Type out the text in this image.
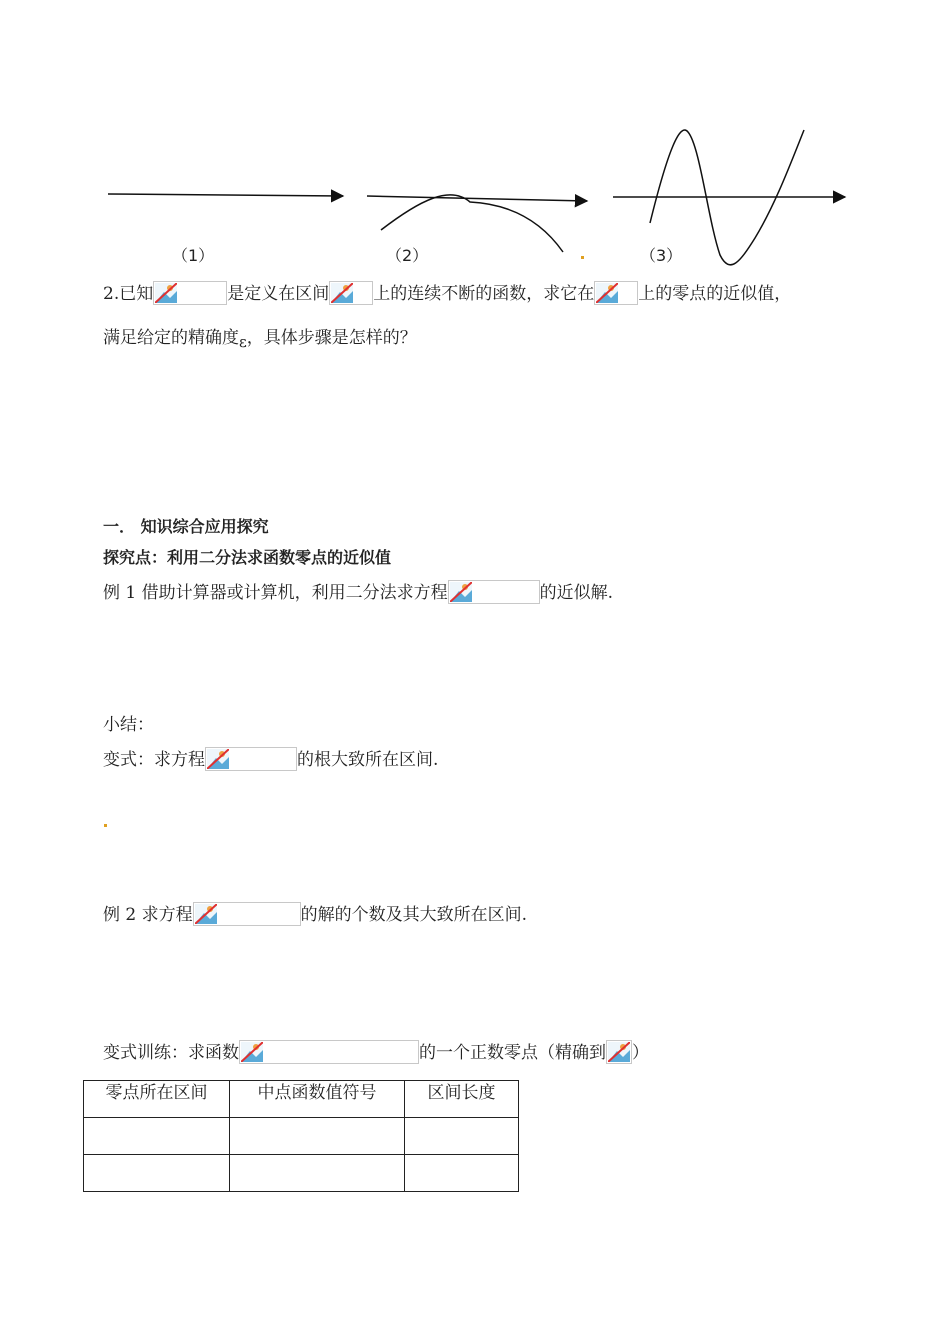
（1）	（2）	（3）
2.已知	是定义在区间	上的连续不断的函数，求它在	上的零点的近似值，
满足给定的精确度ε，具体步骤是怎样的？
一． 知识综合应用探究
探究点：利用二分法求函数零点的近似值
例 1 借助计算器或计算机，利用二分法求方程	的近似解.
小结：
变式：求方程	的根大致所在区间.
例 2 求方程	的解的个数及其大致所在区间.
变式训练：求函数	的一个正数零点（精确到 ）
零点所在区间	中点函数值符号	区间长度
